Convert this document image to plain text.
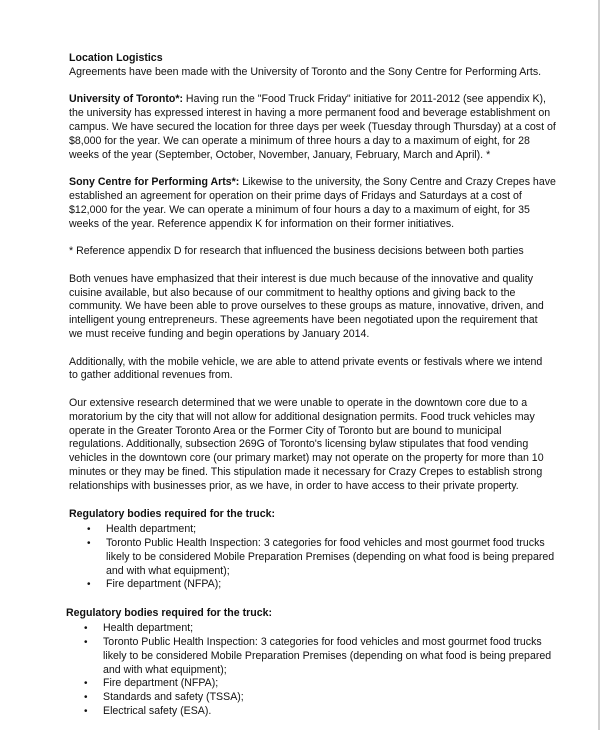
Location Logistics
Agreements have been made with the University of Toronto and the Sony Centre for Performing Arts.

University of Toronto*: Having run the "Food Truck Friday" initiative for 2011-2012 (see appendix K),
the university has expressed interest in having a more permanent food and beverage establishment on
campus. We have secured the location for three days per week (Tuesday through Thursday) at a cost of
$8,000 for the year. We can operate a minimum of three hours a day to a maximum of eight, for 28
weeks of the year (September, October, November, January, February, March and April). *

Sony Centre for Performing Arts*: Likewise to the university, the Sony Centre and Crazy Crepes have
established an agreement for operation on their prime days of Fridays and Saturdays at a cost of
$12,000 for the year. We can operate a minimum of four hours a day to a maximum of eight, for 35
weeks of the year. Reference appendix K for information on their former initiatives.

* Reference appendix D for research that influenced the business decisions between both parties

Both venues have emphasized that their interest is due much because of the innovative and quality
cuisine available, but also because of our commitment to healthy options and giving back to the
community. We have been able to prove ourselves to these groups as mature, innovative, driven, and
intelligent young entrepreneurs. These agreements have been negotiated upon the requirement that
we must receive funding and begin operations by January 2014.

Additionally, with the mobile vehicle, we are able to attend private events or festivals where we intend
to gather additional revenues from.

Our extensive research determined that we were unable to operate in the downtown core due to a
moratorium by the city that will not allow for additional designation permits. Food truck vehicles may
operate in the Greater Toronto Area or the Former City of Toronto but are bound to municipal
regulations. Additionally, subsection 269G of Toronto's licensing bylaw stipulates that food vending
vehicles in the downtown core (our primary market) may not operate on the property for more than 10
minutes or they may be fined. This stipulation made it necessary for Crazy Crepes to establish strong
relationships with businesses prior, as we have, in order to have access to their private property.

Regulatory bodies required for the truck:
• Health department;
• Toronto Public Health Inspection: 3 categories for food vehicles and most gourmet food trucks
likely to be considered Mobile Preparation Premises (depending on what food is being prepared
and with what equipment);
• Fire department (NFPA);
Regulatory bodies required for the truck:
• Health department;
• Toronto Public Health Inspection: 3 categories for food vehicles and most gourmet food trucks
likely to be considered Mobile Preparation Premises (depending on what food is being prepared
and with what equipment);
• Fire department (NFPA);
• Standards and safety (TSSA);
• Electrical safety (ESA).
